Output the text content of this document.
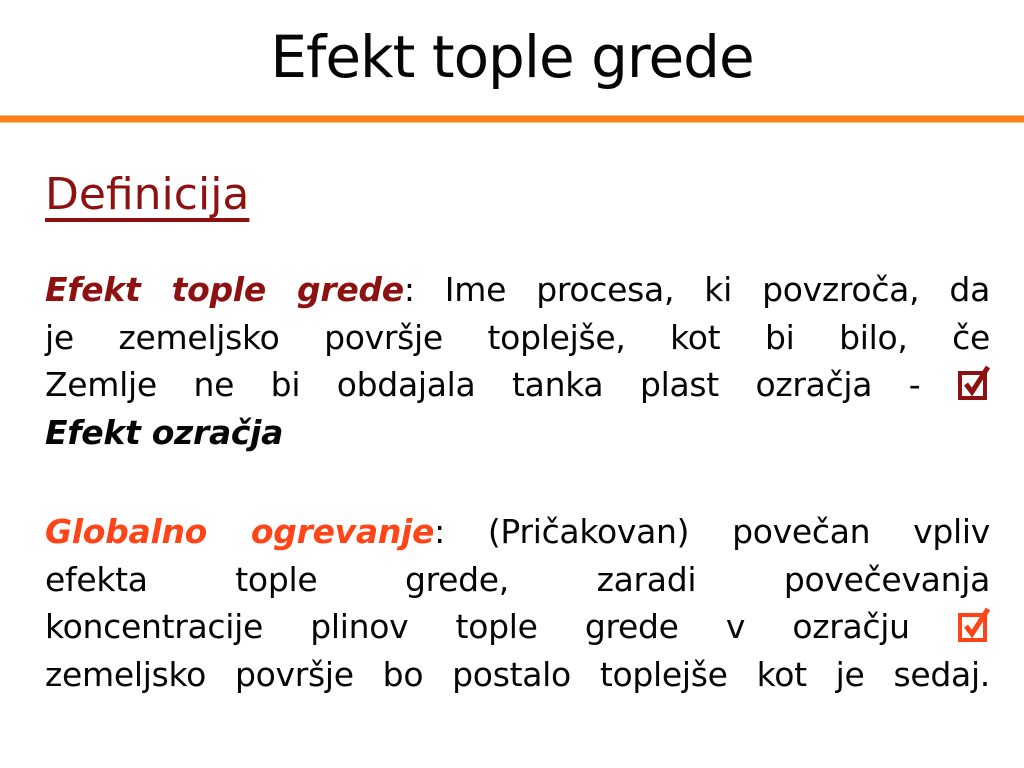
Efekt tople grede
Definicija
Efekt tople grede: Ime procesa, ki povzroča, da
je zemeljsko površje toplejše, kot bi bilo, če
Zemlje ne bi obdajala tanka plast ozračja -
Efekt ozračja
Globalno ogrevanje: (Pričakovan) povečan vpliv
efekta tople grede, zaradi povečevanja
koncentracije plinov tople grede v ozračju
zemeljsko površje bo postalo toplejše kot je sedaj.
